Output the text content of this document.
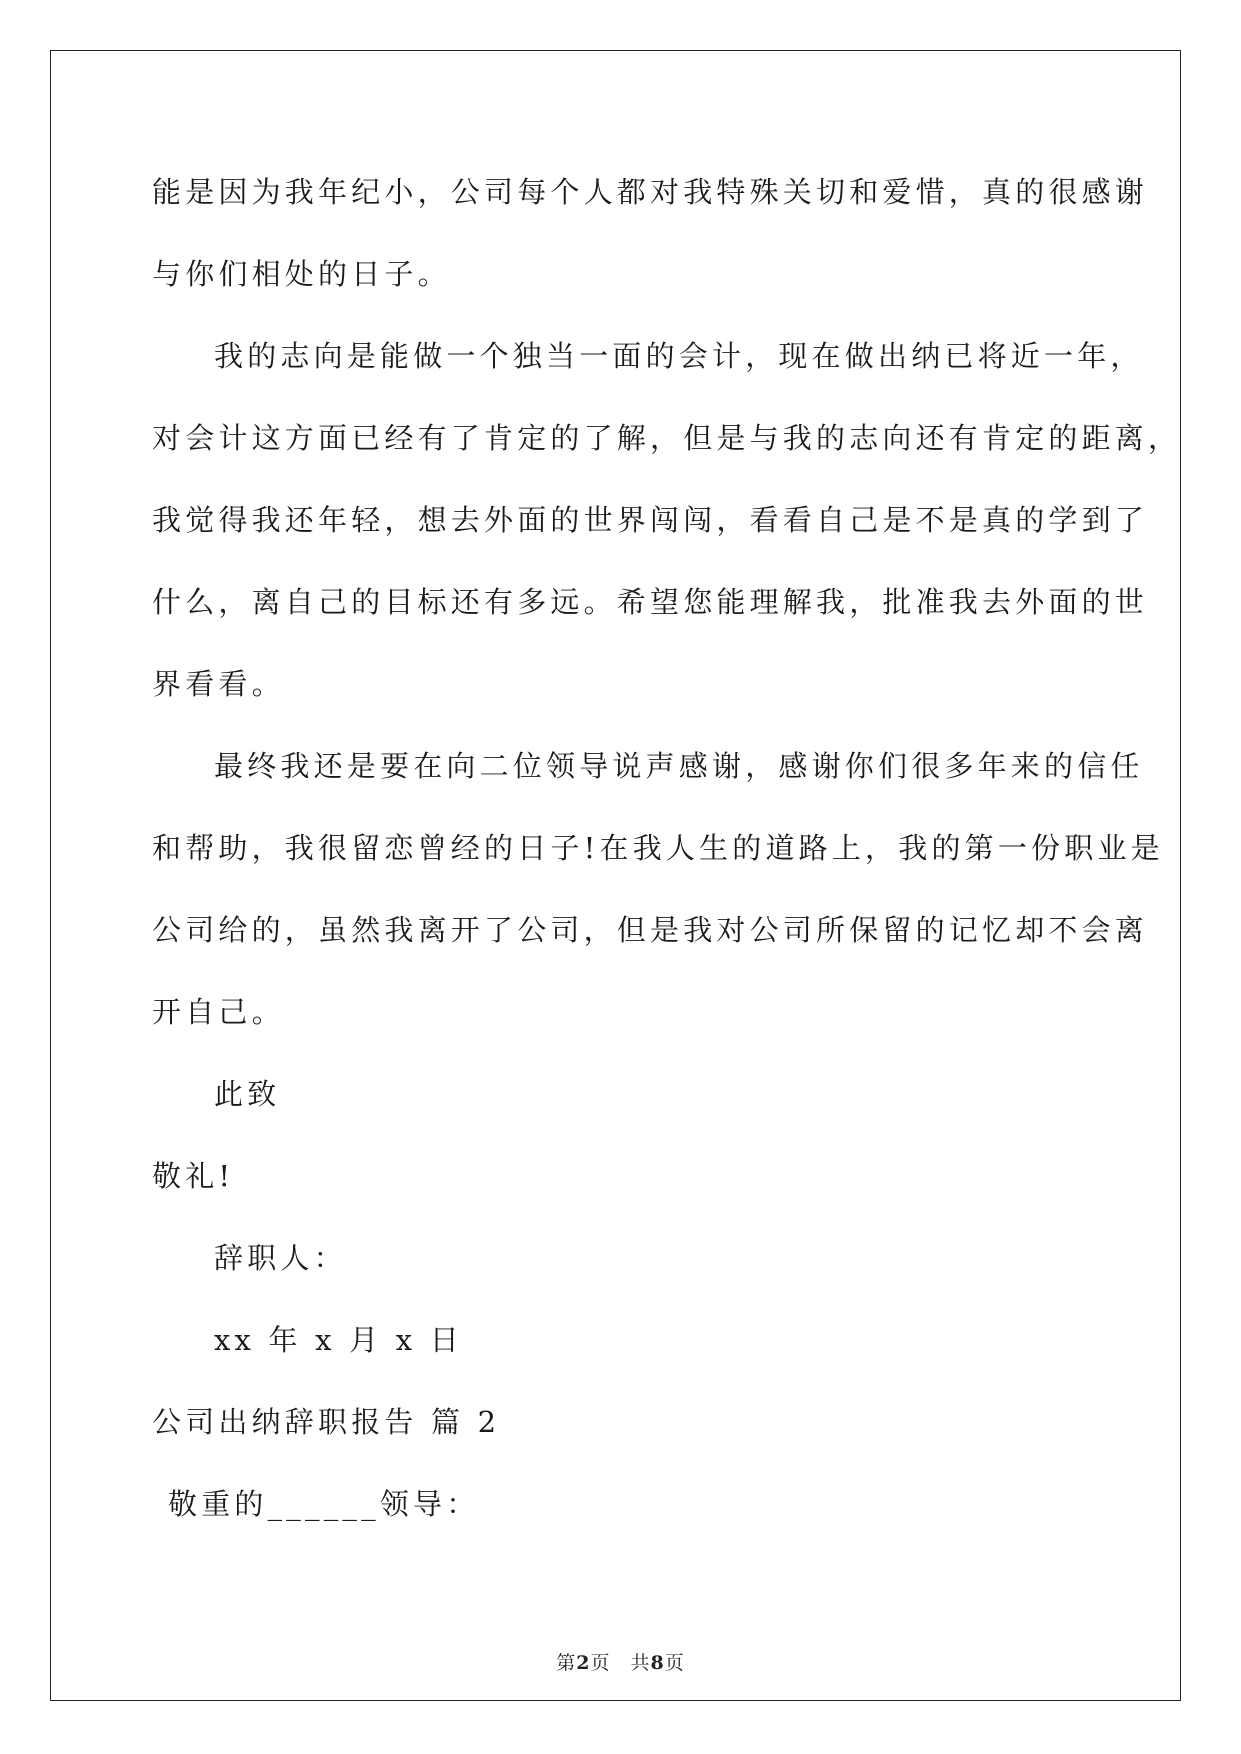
能是因为我年纪小，公司每个人都对我特殊关切和爱惜，真的很感谢
与你们相处的日子。
我的志向是能做一个独当一面的会计，现在做出纳已将近一年，
对会计这方面已经有了肯定的了解，但是与我的志向还有肯定的距离，
我觉得我还年轻，想去外面的世界闯闯，看看自己是不是真的学到了
什么，离自己的目标还有多远。希望您能理解我，批准我去外面的世
界看看。
最终我还是要在向二位领导说声感谢，感谢你们很多年来的信任
和帮助，我很留恋曾经的日子!在我人生的道路上，我的第一份职业是
公司给的，虽然我离开了公司，但是我对公司所保留的记忆却不会离
开自己。
此致
敬礼!
辞职人：
xx 年 x 月 x 日
公司出纳辞职报告 篇 2
敬重的______领导：
第2页　共8页
